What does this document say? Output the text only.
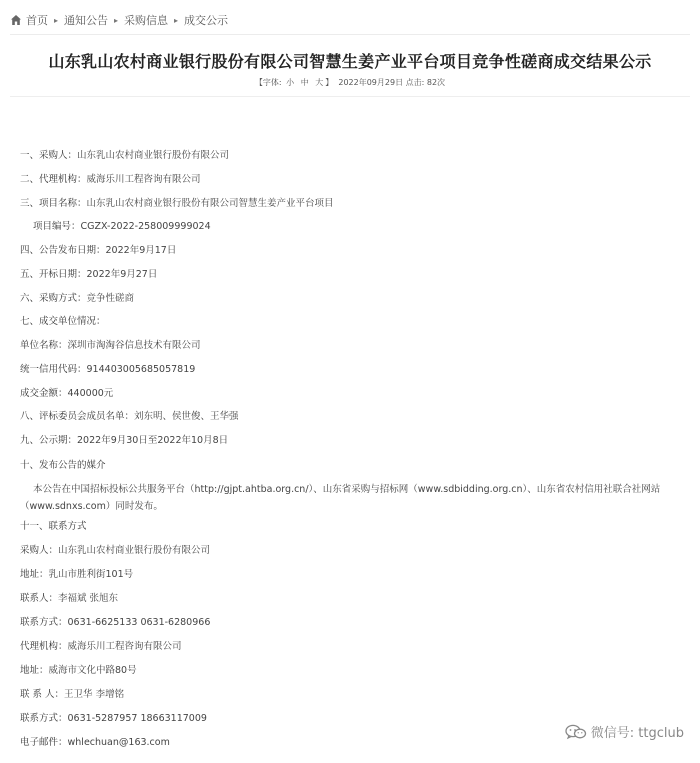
首页 ▸ 通知公告 ▸ 采购信息 ▸ 成交公示
山东乳山农村商业银行股份有限公司智慧生姜产业平台项目竞争性磋商成交结果公示
【字体: 小 中 大 】 2022年09月29日 点击: 82次
一、采购人：山东乳山农村商业银行股份有限公司
二、代理机构：威海乐川工程咨询有限公司
三、项目名称：山东乳山农村商业银行股份有限公司智慧生姜产业平台项目
项目编号：CGZX-2022-258009999024
四、公告发布日期：2022年9月17日
五、开标日期：2022年9月27日
六、采购方式：竞争性磋商
七、成交单位情况：
单位名称：深圳市淘淘谷信息技术有限公司
统一信用代码：91440300568505781​9
成交金额：440000元
八、评标委员会成员名单：刘东明、侯世俊、王华强
九、公示期：2022年9月30日至2022年10月8日
十、发布公告的媒介
本公告在中国招标投标公共服务平台（http://gjpt.ahtba.org.cn/）、山东省采购与招标网（www.sdbidding.org.cn）、山东省农村信用社联合社网站（www.sdnxs.com）同时发布。
十一、联系方式
采购人：山东乳山农村商业银行股份有限公司
地址：乳山市胜利街101号
联系人：李福斌 张旭东
联系方式：0631-6625133 0631-6280966
代理机构：威海乐川工程咨询有限公司
地址：威海市文化中路80号
联 系 人：王卫华 李增铭
联系方式：0631-5287957 18663117009
电子邮件：whlechuan@163.com
微信号: ttgclub
